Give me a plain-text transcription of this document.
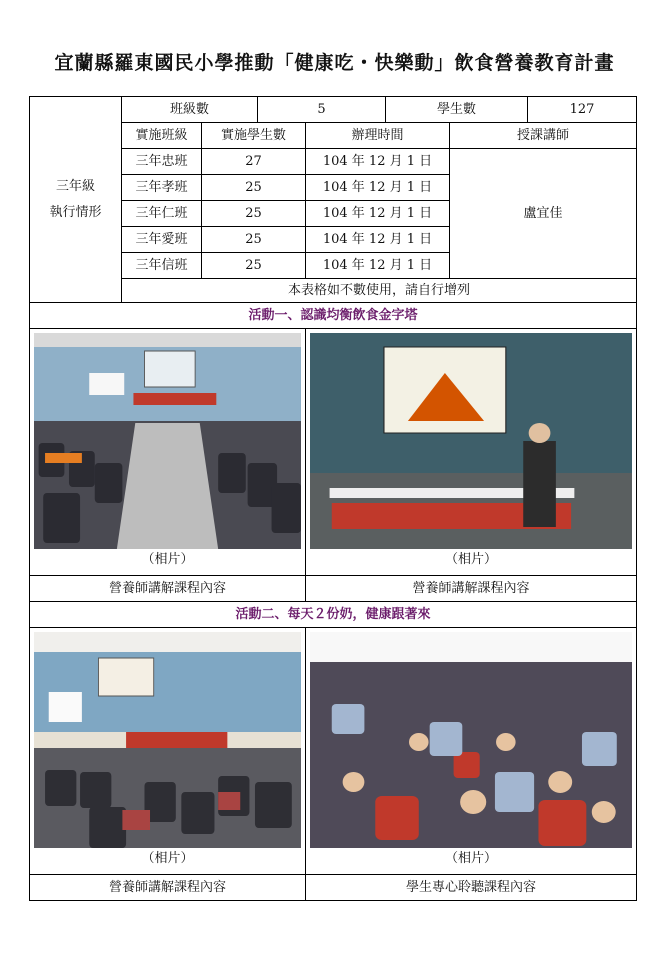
宜蘭縣羅東國民小學推動「健康吃・快樂動」飲食營養教育計畫
三年級
執行情形	班級數		5		學生數		127
	實施班級	實施學生數		辦理時間		授課講師	
	三年忠班	27		104 年 12 月 1 日		盧宜佳	
	三年孝班	25		104 年 12 月 1 日			
	三年仁班	25		104 年 12 月 1 日			
	三年愛班	25		104 年 12 月 1 日			
	三年信班	25		104 年 12 月 1 日			
	本表格如不數使用，請自行增列						
活動一、認識均衡飲食金字塔							

（相片）				（相片）			

營養師講解課程內容				營養師講解課程內容			
活動二、每天２份奶，健康跟著來							

（相片）				（相片）			

營養師講解課程內容				學生專心聆聽課程內容			
